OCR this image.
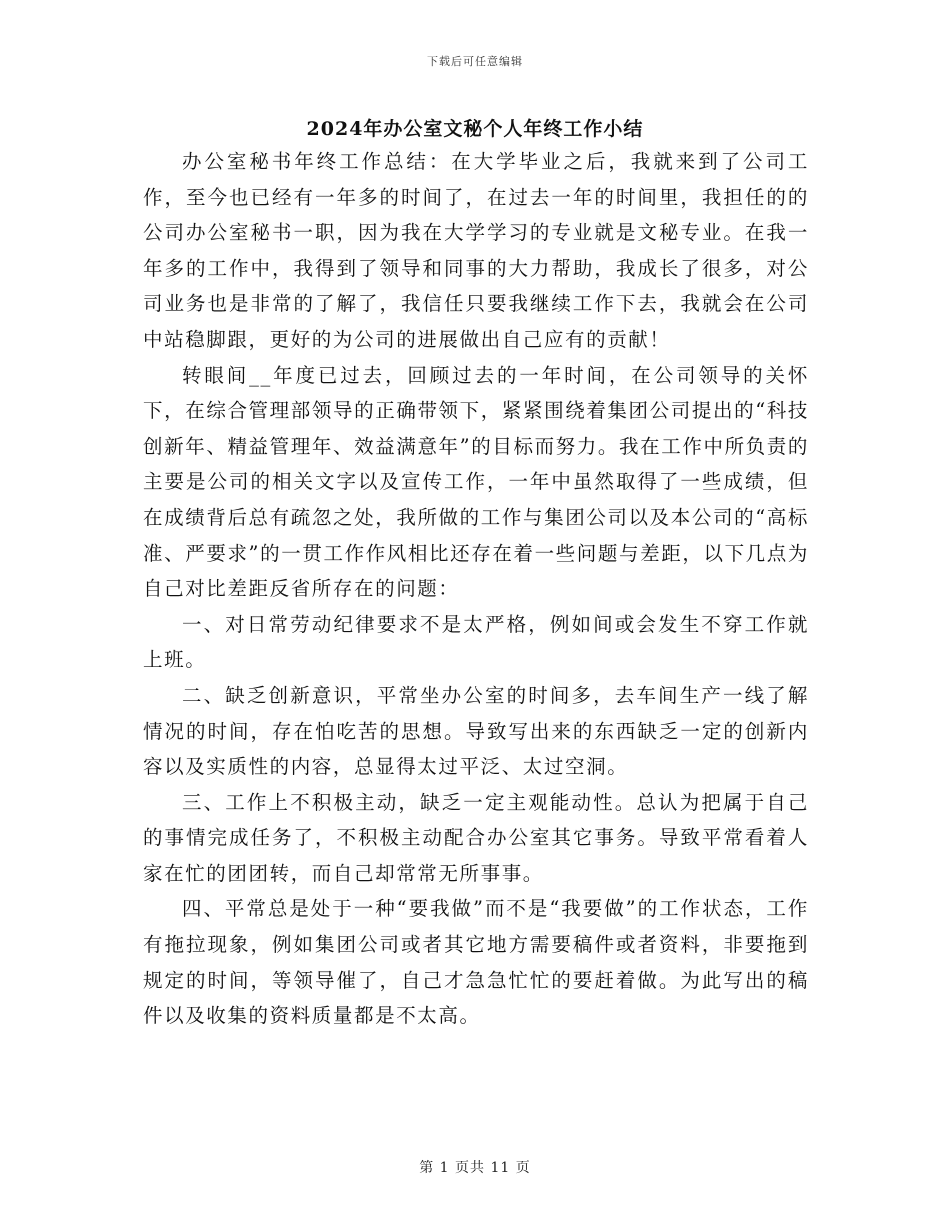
下载后可任意编辑
2024年办公室文秘个人年终工作小结

办公室秘书年终工作总结：在大学毕业之后，我就来到了公司工作，至今也已经有一年多的时间了，在过去一年的时间里，我担任的的公司办公室秘书一职，因为我在大学学习的专业就是文秘专业。在我一年多的工作中，我得到了领导和同事的大力帮助，我成长了很多，对公司业务也是非常的了解了，我信任只要我继续工作下去，我就会在公司中站稳脚跟，更好的为公司的进展做出自己应有的贡献！

转眼间__年度已过去，回顾过去的一年时间，在公司领导的关怀下，在综合管理部领导的正确带领下，紧紧围绕着集团公司提出的“科技创新年、精益管理年、效益满意年”的目标而努力。我在工作中所负责的主要是公司的相关文字以及宣传工作，一年中虽然取得了一些成绩，但在成绩背后总有疏忽之处，我所做的工作与集团公司以及本公司的“高标准、严要求”的一贯工作作风相比还存在着一些问题与差距，以下几点为自己对比差距反省所存在的问题：

一、对日常劳动纪律要求不是太严格，例如间或会发生不穿工作就上班。

二、缺乏创新意识，平常坐办公室的时间多，去车间生产一线了解情况的时间，存在怕吃苦的思想。导致写出来的东西缺乏一定的创新内容以及实质性的内容，总显得太过平泛、太过空洞。

三、工作上不积极主动，缺乏一定主观能动性。总认为把属于自己的事情完成任务了，不积极主动配合办公室其它事务。导致平常看着人家在忙的团团转，而自己却常常无所事事。

四、平常总是处于一种“要我做”而不是“我要做”的工作状态，工作有拖拉现象，例如集团公司或者其它地方需要稿件或者资料，非要拖到规定的时间，等领导催了，自己才急急忙忙的要赶着做。为此写出的稿件以及收集的资料质量都是不太高。

第 1 页共 11 页
